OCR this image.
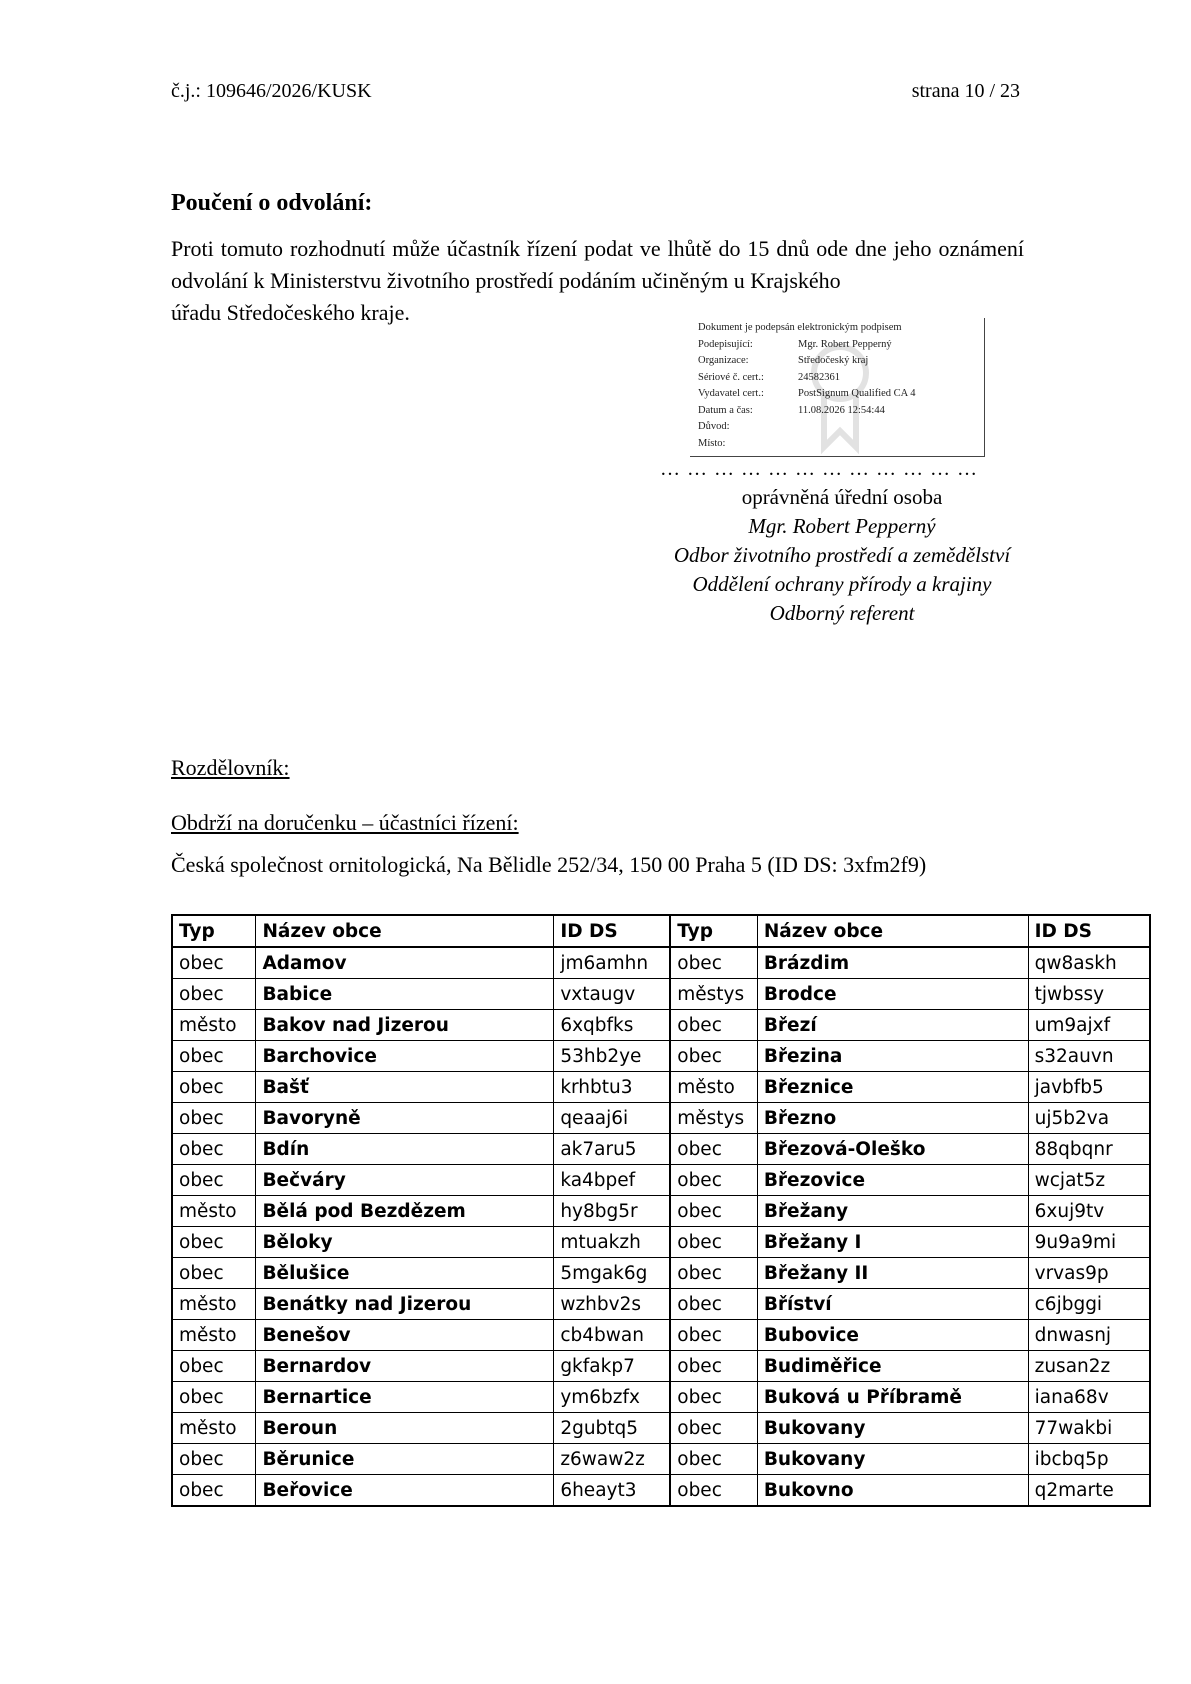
č.j.: 109646/2026/KUSK	strana 10 / 23
Poučení o odvolání:
Proti tomuto rozhodnutí může účastník řízení podat ve lhůtě do 15 dnů ode dne jeho oznámení odvolání k Ministerstvu životního prostředí podáním učiněným u Krajského
úřadu Středočeského kraje.
Dokument je podepsán elektronickým podpisem
Podepisující:	Mgr. Robert Pepperný
Organizace:	Středočeský kraj
Sériové č. cert.:	24582361
Vydavatel cert.:	PostSignum Qualified CA 4
Datum a čas:	11.08.2026 12:54:44
Důvod:
Místo:
… … … … … … … … … … … …
oprávněná úřední osoba
Mgr. Robert Pepperný
Odbor životního prostředí a zemědělství
Oddělení ochrany přírody a krajiny
Odborný referent
Rozdělovník:
Obdrží na doručenku – účastníci řízení:
Česká společnost ornitologická, Na Bělidle 252/34, 150 00 Praha 5 (ID DS: 3xfm2f9)
Typ	Název obce	ID DS	Typ	Název obce	ID DS
obec	Adamov	jm6amhn	obec	Brázdim	qw8askh
obec	Babice	vxtaugv	městys	Brodce	tjwbssy
město	Bakov nad Jizerou	6xqbfks	obec	Březí	um9ajxf
obec	Barchovice	53hb2ye	obec	Březina	s32auvn
obec	Bašť	krhbtu3	město	Březnice	javbfb5
obec	Bavoryně	qeaaj6i	městys	Březno	uj5b2va
obec	Bdín	ak7aru5	obec	Březová-Oleško	88qbqnr
obec	Bečváry	ka4bpef	obec	Březovice	wcjat5z
město	Bělá pod Bezdězem	hy8bg5r	obec	Břežany	6xuj9tv
obec	Běloky	mtuakzh	obec	Břežany I	9u9a9mi
obec	Bělušice	5mgak6g	obec	Břežany II	vrvas9p
město	Benátky nad Jizerou	wzhbv2s	obec	Bříství	c6jbggi
město	Benešov	cb4bwan	obec	Bubovice	dnwasnj
obec	Bernardov	gkfakp7	obec	Budiměřice	zusan2z
obec	Bernartice	ym6bzfx	obec	Buková u Příbramě	iana68v
město	Beroun	2gubtq5	obec	Bukovany	77wakbi
obec	Běrunice	z6waw2z	obec	Bukovany	ibcbq5p
obec	Beřovice	6heayt3	obec	Bukovno	q2marte
